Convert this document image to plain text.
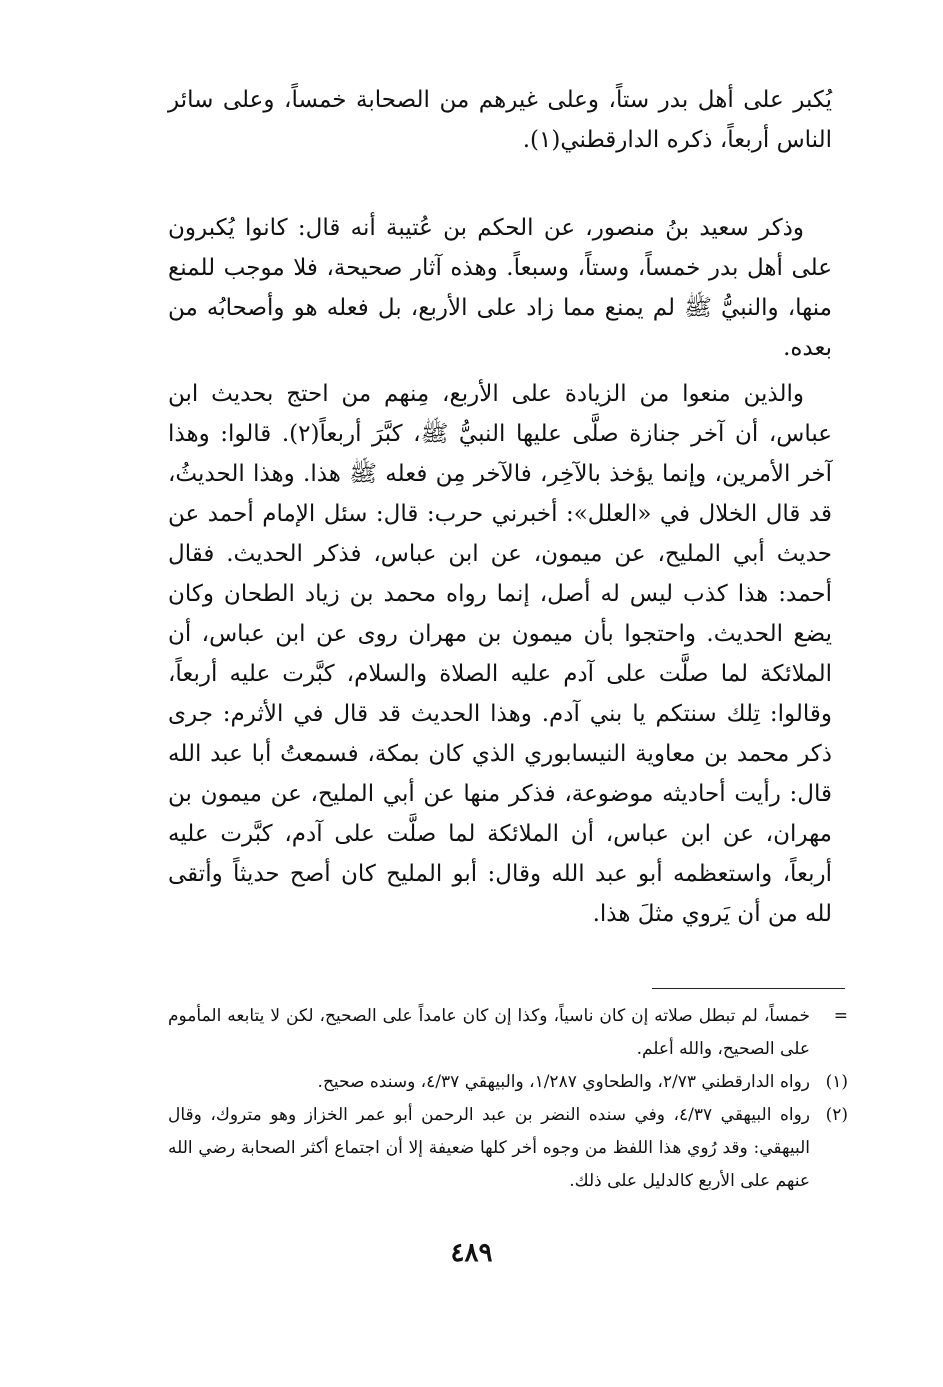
يُكبر على أهل بدر ستاً، وعلى غيرهم من الصحابة خمساً، وعلى سائر الناس أربعاً، ذكره الدارقطني(١).

وذكر سعيد بنُ منصور، عن الحكم بن عُتيبة أنه قال: كانوا يُكبرون على أهل بدر خمساً، وستاً، وسبعاً. وهذه آثار صحيحة، فلا موجب للمنع منها، والنبيُّ ﷺ لم يمنع مما زاد على الأربع، بل فعله هو وأصحابُه من بعده.

والذين منعوا من الزيادة على الأربع، مِنهم من احتج بحديث ابن عباس، أن آخر جنازة صلَّى عليها النبيُّ ﷺ، كبَّرَ أربعاً(٢). قالوا: وهذا آخر الأمرين، وإنما يؤخذ بالآخِر، فالآخر مِن فعله ﷺ هذا. وهذا الحديثُ، قد قال الخلال في «العلل»: أخبرني حرب: قال: سئل الإمام أحمد عن حديث أبي المليح، عن ميمون، عن ابن عباس، فذكر الحديث. فقال أحمد: هذا كذب ليس له أصل، إنما رواه محمد بن زياد الطحان وكان يضع الحديث. واحتجوا بأن ميمون بن مهران روى عن ابن عباس، أن الملائكة لما صلَّت على آدم عليه الصلاة والسلام، كبَّرت عليه أربعاً، وقالوا: تِلك سنتكم يا بني آدم. وهذا الحديث قد قال في الأثرم: جرى ذكر محمد بن معاوية النيسابوري الذي كان بمكة، فسمعتُ أبا عبد الله قال: رأيت أحاديثه موضوعة، فذكر منها عن أبي المليح، عن ميمون بن مهران، عن ابن عباس، أن الملائكة لما صلَّت على آدم، كبَّرت عليه أربعاً، واستعظمه أبو عبد الله وقال: أبو المليح كان أصح حديثاً وأتقى لله من أن يَروي مثلَ هذا.

=
خمساً، لم تبطل صلاته إن كان ناسياً، وكذا إن كان عامداً على الصحيح، لكن لا يتابعه المأموم على الصحيح، والله أعلم.
(١)
رواه الدارقطني ٢/٧٣، والطحاوي ١/٢٨٧، والبيهقي ٤/٣٧، وسنده صحيح.
(٢)
رواه البيهقي ٤/٣٧، وفي سنده النضر بن عبد الرحمن أبو عمر الخزاز وهو متروك، وقال البيهقي: وقد رُوي هذا اللفظ من وجوه أخر كلها ضعيفة إلا أن اجتماع أكثر الصحابة رضي الله عنهم على الأربع كالدليل على ذلك.
٤٨٩
